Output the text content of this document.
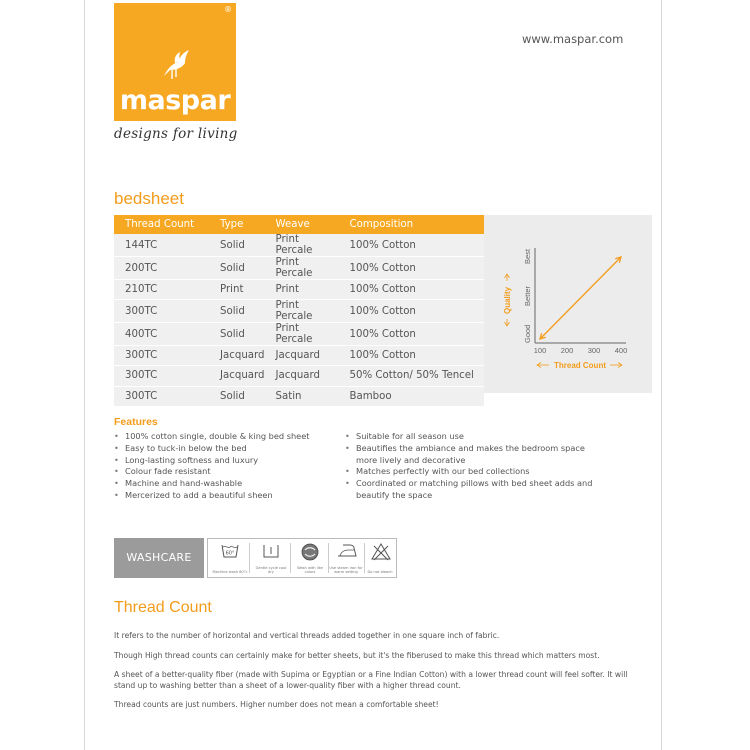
®
maspar
designs for living
www.maspar.com
bedsheet
Thread Count	Type	Weave	Composition
144TC	Solid	Print Percale	100% Cotton
200TC	Solid	Print Percale	100% Cotton
210TC	Print	Print	100% Cotton
300TC	Solid	Print Percale	100% Cotton
400TC	Solid	Print Percale	100% Cotton
300TC	Jacquard	Jacquard	100% Cotton
300TC	Jacquard	Jacquard	50% Cotton/ 50% Tencel
300TC	Solid	Satin	Bamboo
Good
Better
Best
Quality
100 200 300 400
Thread Count
Features
• 100% cotton single, double & king bed sheet
• Easy to tuck-in below the bed
• Long-lasting softness and luxury
• Colour fade resistant
• Machine and hand-washable
• Mercerized to add a beautiful sheen
• Suitable for all season use
• Beautifies the ambiance and makes the bedroom space more lively and decorative
• Matches perfectly with our bed collections
• Coordinated or matching pillows with bed sheet adds and beautify the space
WASHCARE	60°
Machine wash 60°c
Gentle cycle cool dry
Wash with like colors
Use steam iron for warm setting	Do not bleach
Thread Count

It refers to the number of horizontal and vertical threads added together in one square inch of fabric.

Though High thread counts can certainly make for better sheets, but it's the fiberused to make this thread which matters most.

A sheet of a better-quality fiber (made with Supima or Egyptian or a Fine Indian Cotton) with a lower thread count will feel softer. It will stand up to washing better than a sheet of a lower-quality fiber with a higher thread count.

Thread counts are just numbers. Higher number does not mean a comfortable sheet!
